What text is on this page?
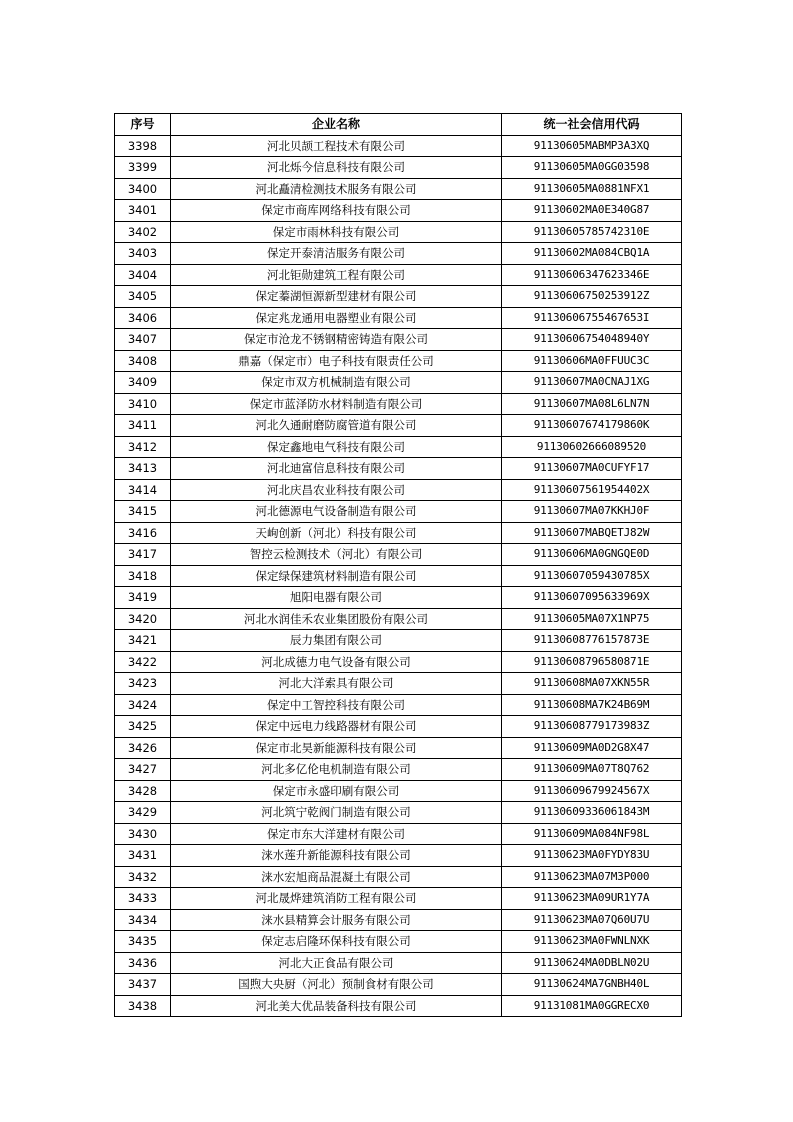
序号	企业名称	统一社会信用代码
3398	河北贝颉工程技术有限公司	91130605MABMP3A3XQ
3399	河北烁今信息科技有限公司	91130605MA0GG03598
3400	河北矗清检测技术服务有限公司	91130605MA0881NFX1
3401	保定市商库网络科技有限公司	91130602MA0E340G87
3402	保定市雨林科技有限公司	91130605785742310E
3403	保定开泰清洁服务有限公司	91130602MA084CBQ1A
3404	河北钜勋建筑工程有限公司	91130606347623346E
3405	保定蓁湖恒源新型建材有限公司	91130606750253912Z
3406	保定兆龙通用电器塑业有限公司	91130606755467653I
3407	保定市沧龙不锈钢精密铸造有限公司	91130606754048940Y
3408	鼎嘉（保定市）电子科技有限责任公司	91130606MA0FFUUC3C
3409	保定市双方机械制造有限公司	91130607MA0CNAJ1XG
3410	保定市蓝泽防水材料制造有限公司	91130607MA08L6LN7N
3411	河北久通耐磨防腐管道有限公司	91130607674179860K
3412	保定鑫地电气科技有限公司	91130602666089520
3413	河北迪富信息科技有限公司	91130607MA0CUFYF17
3414	河北庆昌农业科技有限公司	91130607561954402X
3415	河北德源电气设备制造有限公司	91130607MA07KKHJ0F
3416	天峋创新（河北）科技有限公司	91130607MABQETJ82W
3417	智控云检测技术（河北）有限公司	91130606MA0GNGQE0D
3418	保定绿保建筑材料制造有限公司	91130607059430785X
3419	旭阳电器有限公司	91130607095633969X
3420	河北水润佳禾农业集团股份有限公司	91130605MA07X1NP75
3421	辰力集团有限公司	91130608776157873E
3422	河北成德力电气设备有限公司	91130608796580871E
3423	河北大洋索具有限公司	91130608MA07XKN55R
3424	保定中工智控科技有限公司	91130608MA7K24B69M
3425	保定中远电力线路器材有限公司	91130608779173983Z
3426	保定市北昊新能源科技有限公司	91130609MA0D2G8X47
3427	河北多亿伦电机制造有限公司	91130609MA07T8Q762
3428	保定市永盛印刷有限公司	91130609679924567X
3429	河北筑宁乾阀门制造有限公司	91130609336061843M
3430	保定市东大洋建材有限公司	91130609MA084NF98L
3431	涞水莲升新能源科技有限公司	91130623MA0FYDY83U
3432	涞水宏旭商品混凝土有限公司	91130623MA07M3P000
3433	河北晟烨建筑消防工程有限公司	91130623MA09UR1Y7A
3434	涞水县精算会计服务有限公司	91130623MA07Q60U7U
3435	保定志启隆环保科技有限公司	91130623MA0FWNLNXK
3436	河北大正食品有限公司	91130624MA0DBLN02U
3437	国煦大央厨（河北）预制食材有限公司	91130624MA7GNBH40L
3438	河北美大优品装备科技有限公司	91131081MA0GGRECX0
